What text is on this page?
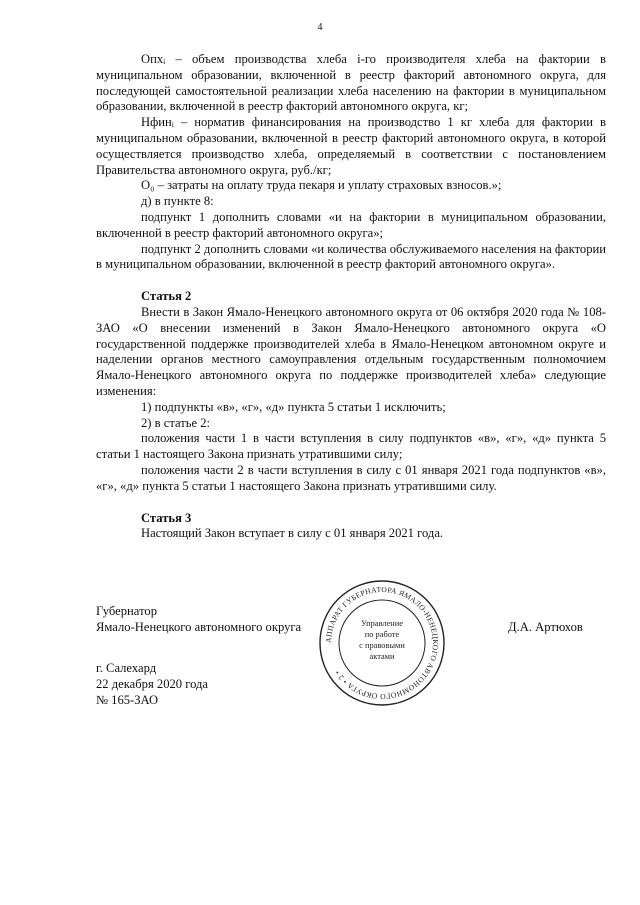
4

Опхᵢ – объем производства хлеба i-го производителя хлеба на фактории в муниципальном образовании, включенной в реестр факторий автономного округа, для последующей самостоятельной реализации хлеба населению на фактории в муниципальном образовании, включенной в реестр факторий автономного округа, кг;

Нфинᵢ – норматив финансирования на производство 1 кг хлеба для фактории в муниципальном образовании, включенной в реестр факторий автономного округа, в которой осуществляется производство хлеба, определяемый в соответствии с постановлением Правительства автономного округа, руб./кг;

О₀ – затраты на оплату труда пекаря и уплату страховых взносов.»;

д) в пункте 8:

подпункт 1 дополнить словами «и на фактории в муниципальном образовании, включенной в реестр факторий автономного округа»;

подпункт 2 дополнить словами «и количества обслуживаемого населения на фактории в муниципальном образовании, включенной в реестр факторий автономного округа».

Статья 2

Внести в Закон Ямало-Ненецкого автономного округа от 06 октября 2020 года № 108-ЗАО «О внесении изменений в Закон Ямало-Ненецкого автономного округа «О государственной поддержке производителей хлеба в Ямало-Ненецком автономном округе и наделении органов местного самоуправления отдельным государственным полномочием Ямало-Ненецкого автономного округа по поддержке производителей хлеба» следующие изменения:

1) подпункты «в», «г», «д» пункта 5 статьи 1 исключить;

2) в статье 2:

положения части 1 в части вступления в силу подпунктов «в», «г», «д» пункта 5 статьи 1 настоящего Закона признать утратившими силу;

положения части 2 в части вступления в силу с 01 января 2021 года подпунктов «в», «г», «д» пункта 5 статьи 1 настоящего Закона признать утратившими силу.

Статья 3

Настоящий Закон вступает в силу с 01 января 2021 года.

Губернатор
Ямало-Ненецкого автономного округа	Д.А. Артюхов
АППАРАТ ГУБЕРНАТОРА ЯМАЛО-НЕНЕЦКОГО АВТОНОМНОГО ОКРУГА • 2 •
Управление
по работе
с правовыми
актами
г. Салехард
22 декабря 2020 года
№ 165-ЗАО
